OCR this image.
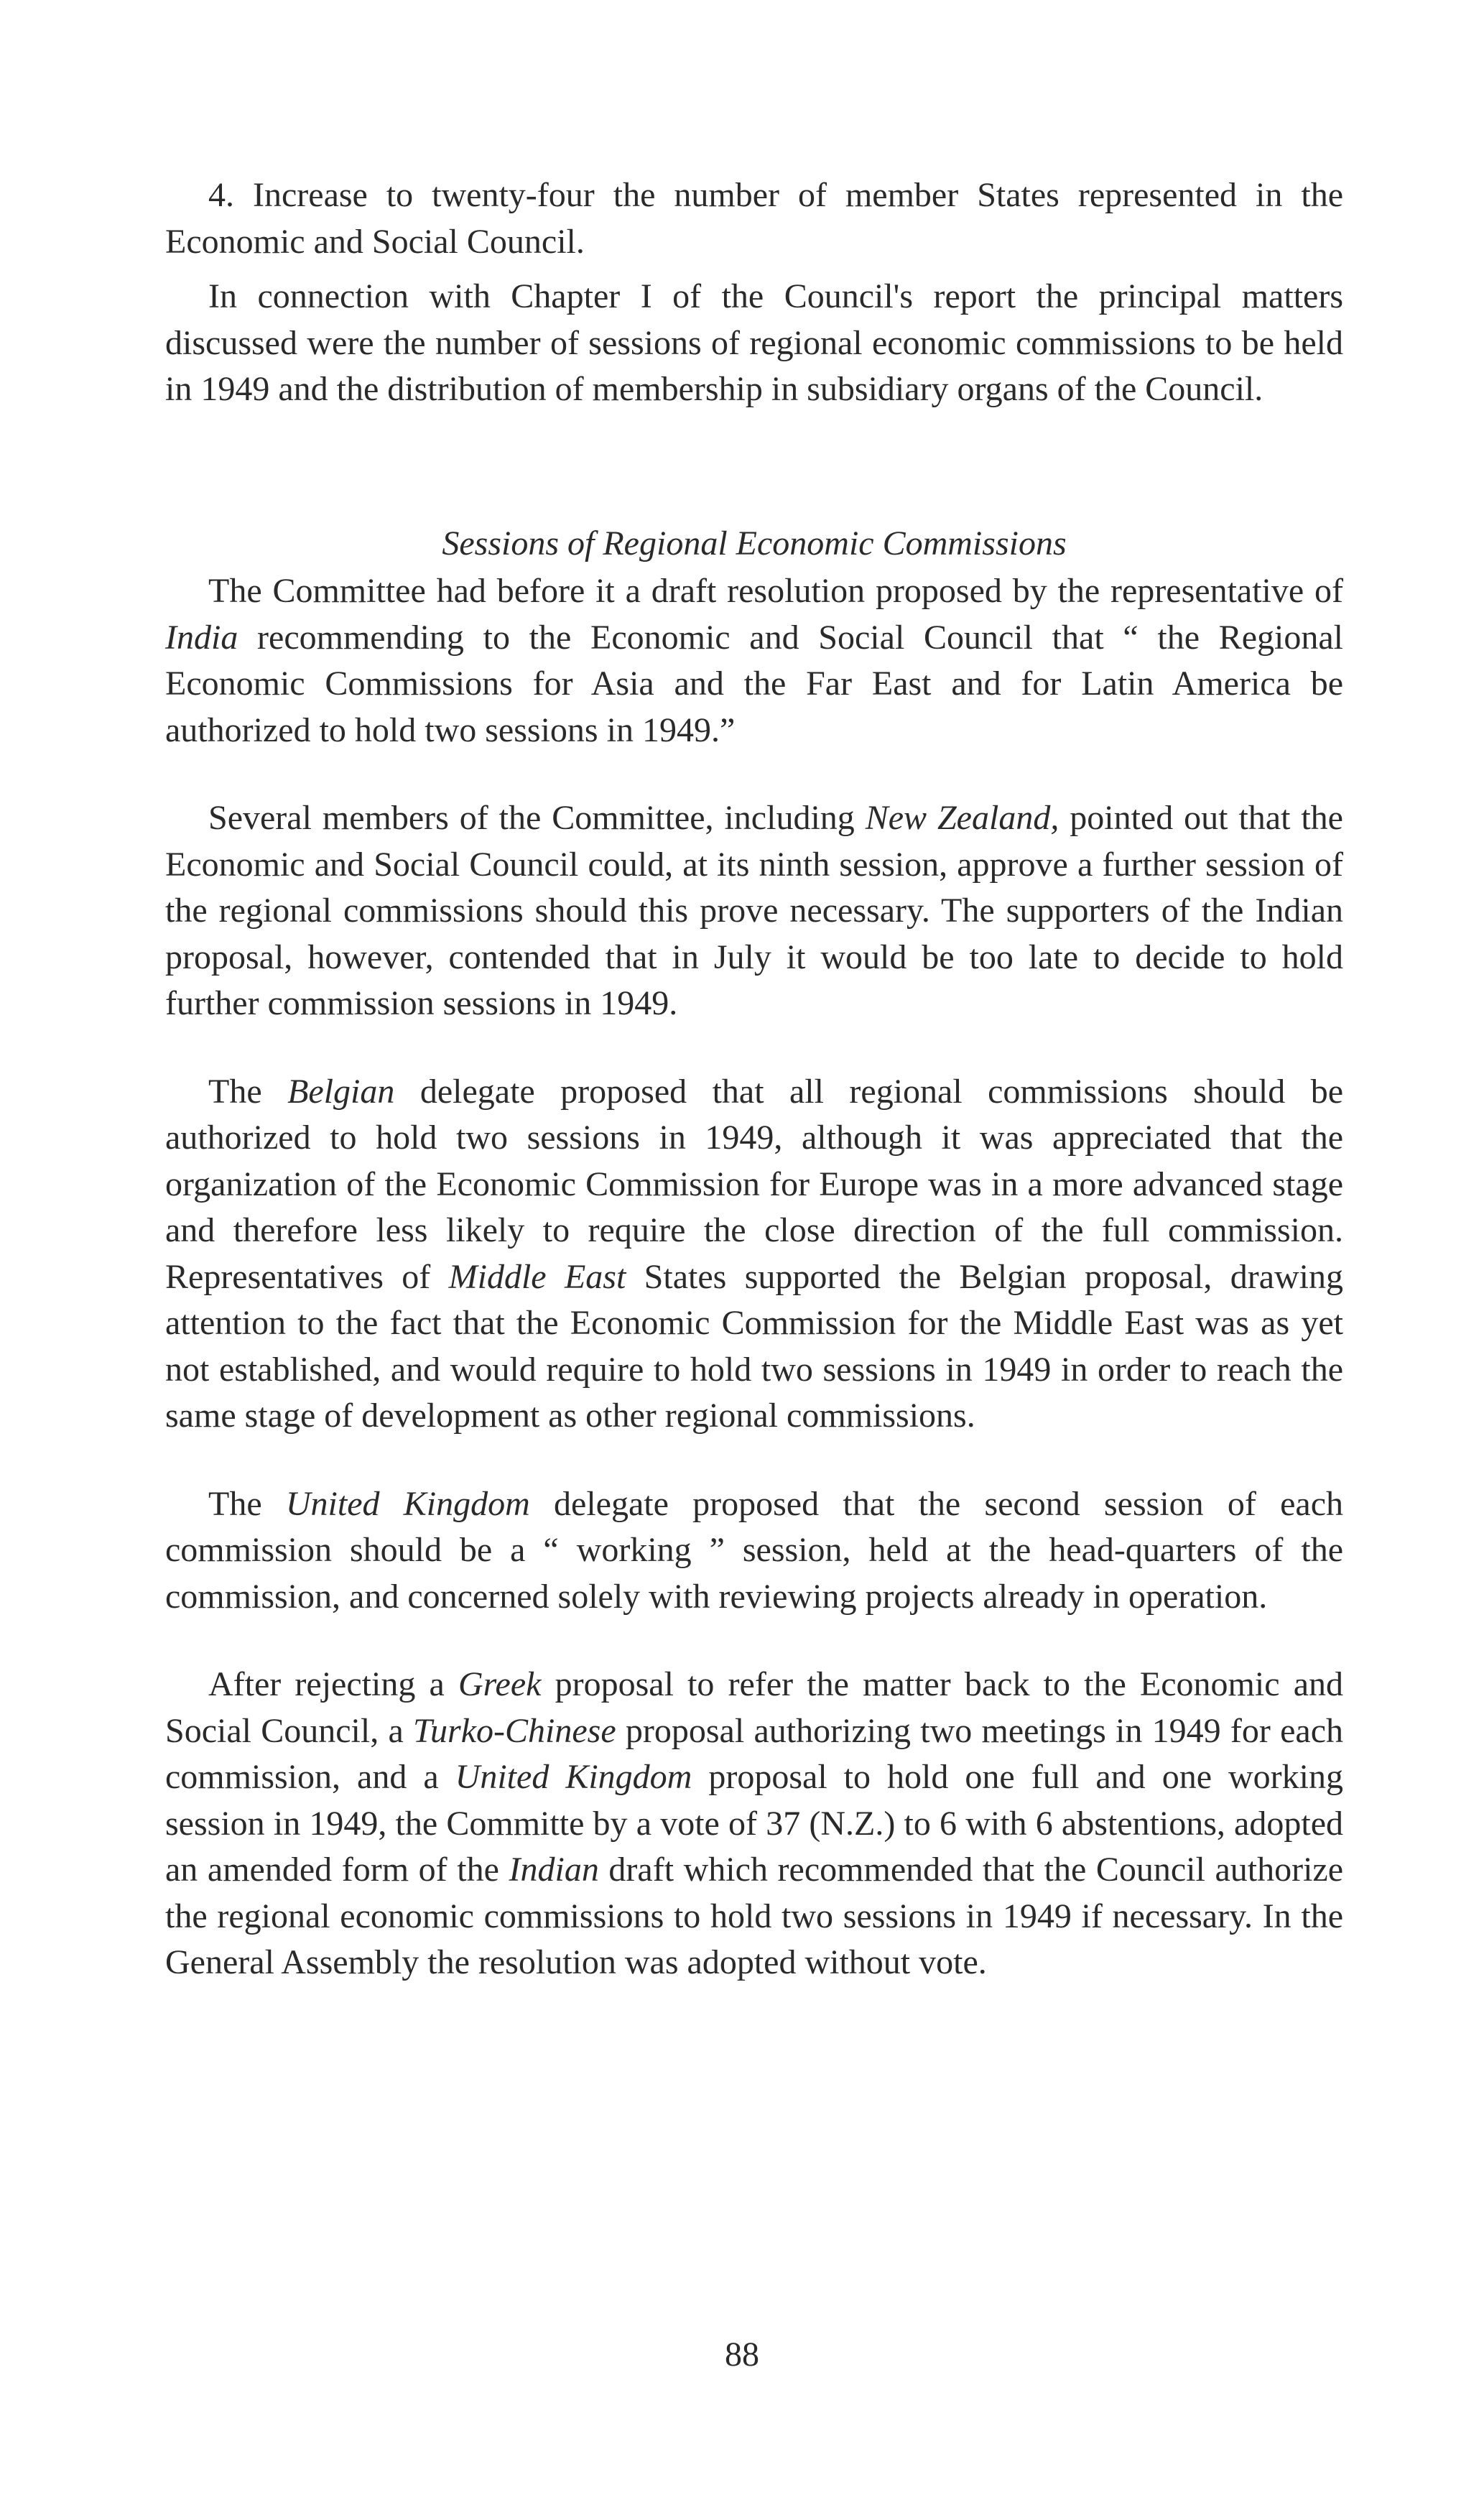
4. Increase to twenty-four the number of member States represented in the Economic and Social Council.

In connection with Chapter I of the Council's report the principal matters discussed were the number of sessions of regional economic commissions to be held in 1949 and the distribution of membership in subsidiary organs of the Council.

Sessions of Regional Economic Commissions

The Committee had before it a draft resolution proposed by the representative of India recommending to the Economic and Social Council that “ the Regional Economic Commissions for Asia and the Far East and for Latin America be authorized to hold two sessions in 1949.”

Several members of the Committee, including New Zealand, pointed out that the Economic and Social Council could, at its ninth session, approve a further session of the regional commissions should this prove necessary. The supporters of the Indian proposal, however, contended that in July it would be too late to decide to hold further commission sessions in 1949.

The Belgian delegate proposed that all regional commissions should be authorized to hold two sessions in 1949, although it was appreciated that the organization of the Economic Commission for Europe was in a more advanced stage and therefore less likely to require the close direction of the full commission. Representatives of Middle East States supported the Belgian proposal, drawing attention to the fact that the Economic Commission for the Middle East was as yet not established, and would require to hold two sessions in 1949 in order to reach the same stage of development as other regional commissions.

The United Kingdom delegate proposed that the second session of each commission should be a “ working ” session, held at the head-quarters of the commission, and concerned solely with reviewing projects already in operation.

After rejecting a Greek proposal to refer the matter back to the Economic and Social Council, a Turko-Chinese proposal authorizing two meetings in 1949 for each commission, and a United Kingdom proposal to hold one full and one working session in 1949, the Committe by a vote of 37 (N.Z.) to 6 with 6 abstentions, adopted an amended form of the Indian draft which recommended that the Council authorize the regional economic commissions to hold two sessions in 1949 if necessary. In the General Assembly the resolution was adopted without vote.

88
